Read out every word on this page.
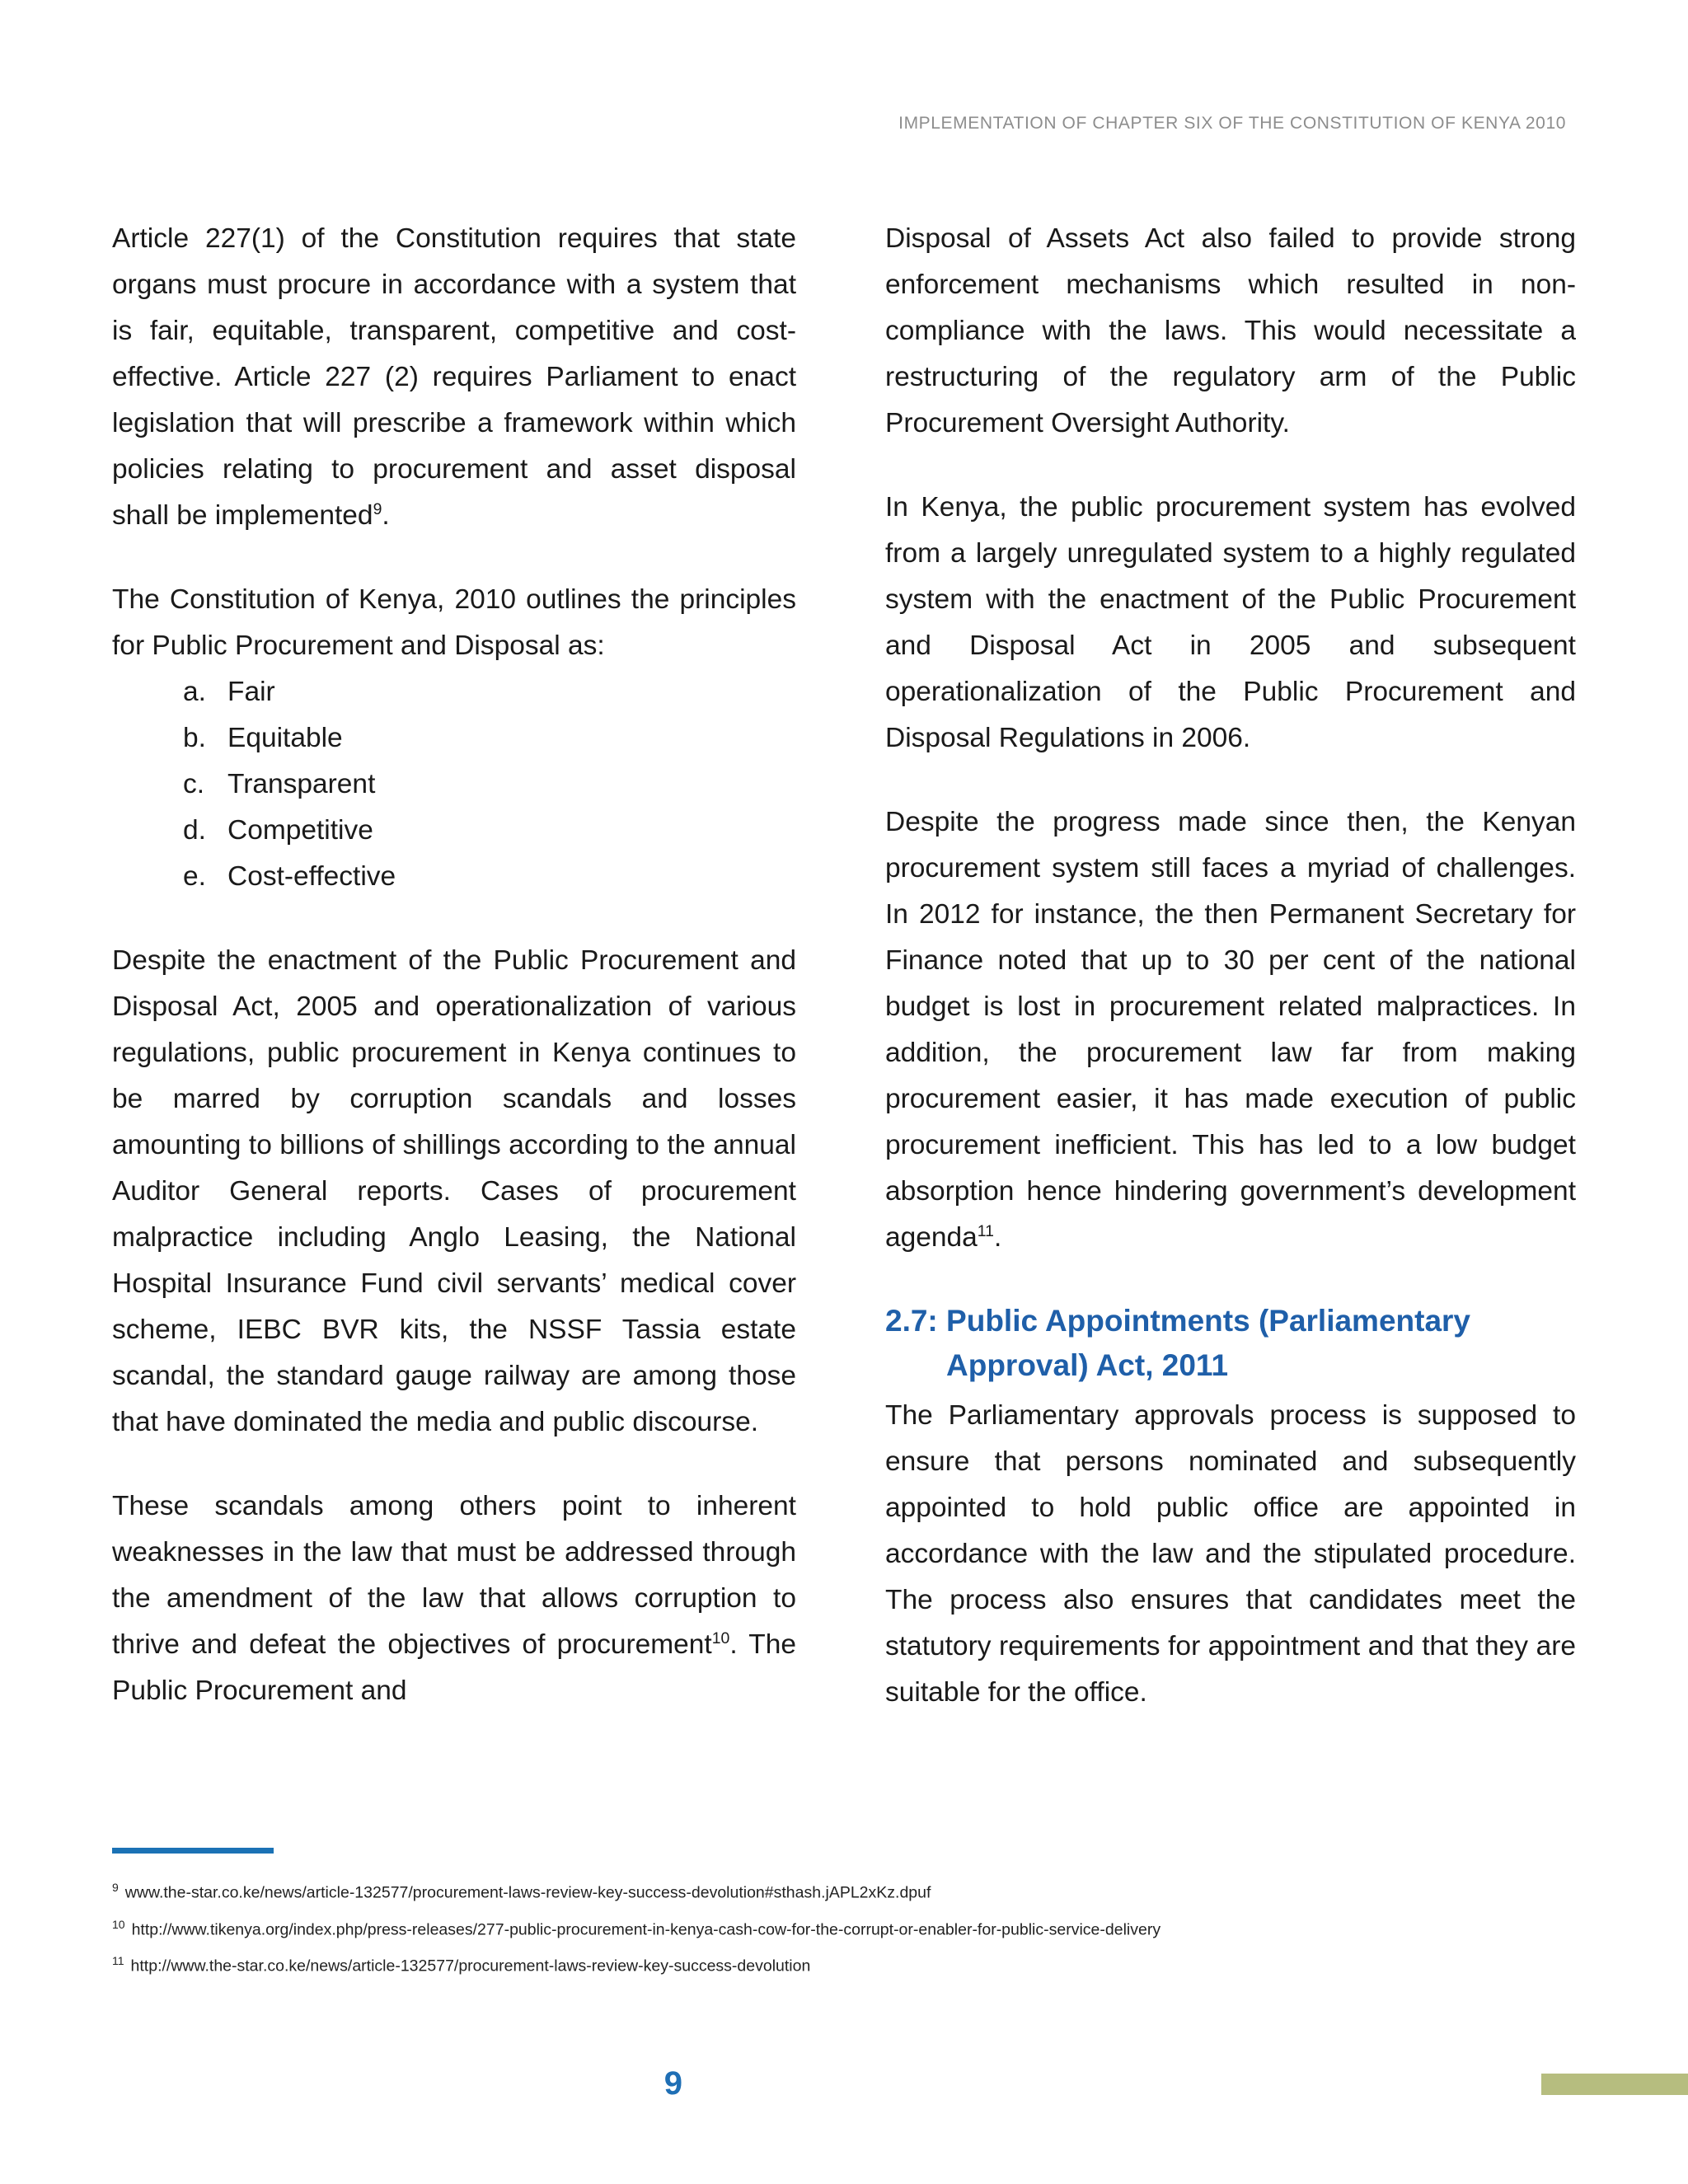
IMPLEMENTATION OF CHAPTER SIX OF THE CONSTITUTION OF KENYA 2010

Article 227(1) of the Constitution requires that state organs must procure in accordance with a system that is fair, equitable, transparent, competitive and cost-effective. Article 227 (2) requires Parliament to enact legislation that will prescribe a framework within which policies relating to procurement and asset disposal shall be implemented$^9$.

The Constitution of Kenya, 2010 outlines the principles for Public Procurement and Disposal as:

Fair
Equitable
Transparent
Competitive
Cost-effective

Despite the enactment of the Public Procurement and Disposal Act, 2005 and operationalization of various regulations, public procurement in Kenya continues to be marred by corruption scandals and losses amounting to billions of shillings according to the annual Auditor General reports. Cases of procurement malpractice including Anglo Leasing, the National Hospital Insurance Fund civil servants’ medical cover scheme, IEBC BVR kits, the NSSF Tassia estate scandal, the standard gauge railway are among those that have dominated the media and public discourse.

These scandals among others point to inherent weaknesses in the law that must be addressed through the amendment of the law that allows corruption to thrive and defeat the objectives of procurement$^{10}$. The Public Procurement and

Disposal of Assets Act also failed to provide strong enforcement mechanisms which resulted in non-compliance with the laws. This would necessitate a restructuring of the regulatory arm of the Public Procurement Oversight Authority.

In Kenya, the public procurement system has evolved from a largely unregulated system to a highly regulated system with the enactment of the Public Procurement and Disposal Act in 2005 and subsequent operationalization of the Public Procurement and Disposal Regulations in 2006.

Despite the progress made since then, the Kenyan procurement system still faces a myriad of challenges. In 2012 for instance, the then Permanent Secretary for Finance noted that up to 30 per cent of the national budget is lost in procurement related malpractices. In addition, the procurement law far from making procurement easier, it has made execution of public procurement inefficient. This has led to a low budget absorption hence hindering government’s development agenda$^{11}$.

2.7: Public Appointments (Parliamentary Approval) Act, 2011

The Parliamentary approvals process is supposed to ensure that persons nominated and subsequently appointed to hold public office are appointed in accordance with the law and the stipulated procedure. The process also ensures that candidates meet the statutory requirements for appointment and that they are suitable for the office.

$^9$ www.the-star.co.ke/news/article-132577/procurement-laws-review-key-success-devolution#sthash.jAPL2xKz.dpuf
$^{10}$ http://www.tikenya.org/index.php/press-releases/277-public-procurement-in-kenya-cash-cow-for-the-corrupt-or-enabler-for-public-service-delivery
$^{11}$ http://www.the-star.co.ke/news/article-132577/procurement-laws-review-key-success-devolution
9
